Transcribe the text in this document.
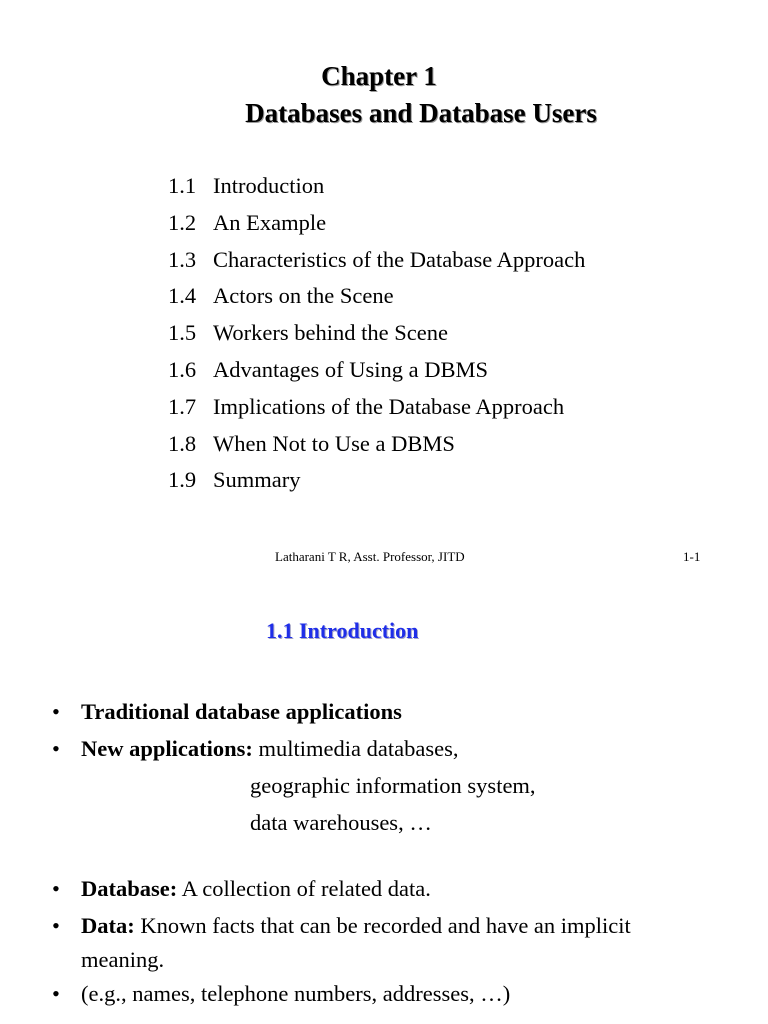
Chapter 1
Databases and Database Users
1.1 Introduction
1.2 An Example
1.3 Characteristics of the Database Approach
1.4 Actors on the Scene
1.5 Workers behind the Scene
1.6 Advantages of Using a DBMS
1.7 Implications of the Database Approach
1.8 When Not to Use a DBMS
1.9 Summary
Latharani T R, Asst. Professor, JITD	1-1
1.1 Introduction
• Traditional database applications
• New applications: multimedia databases,
geographic information system,
data warehouses, …
• Database: A collection of related data.
• Data: Known facts that can be recorded and have an implicit
meaning.
• (e.g., names, telephone numbers, addresses, …)
